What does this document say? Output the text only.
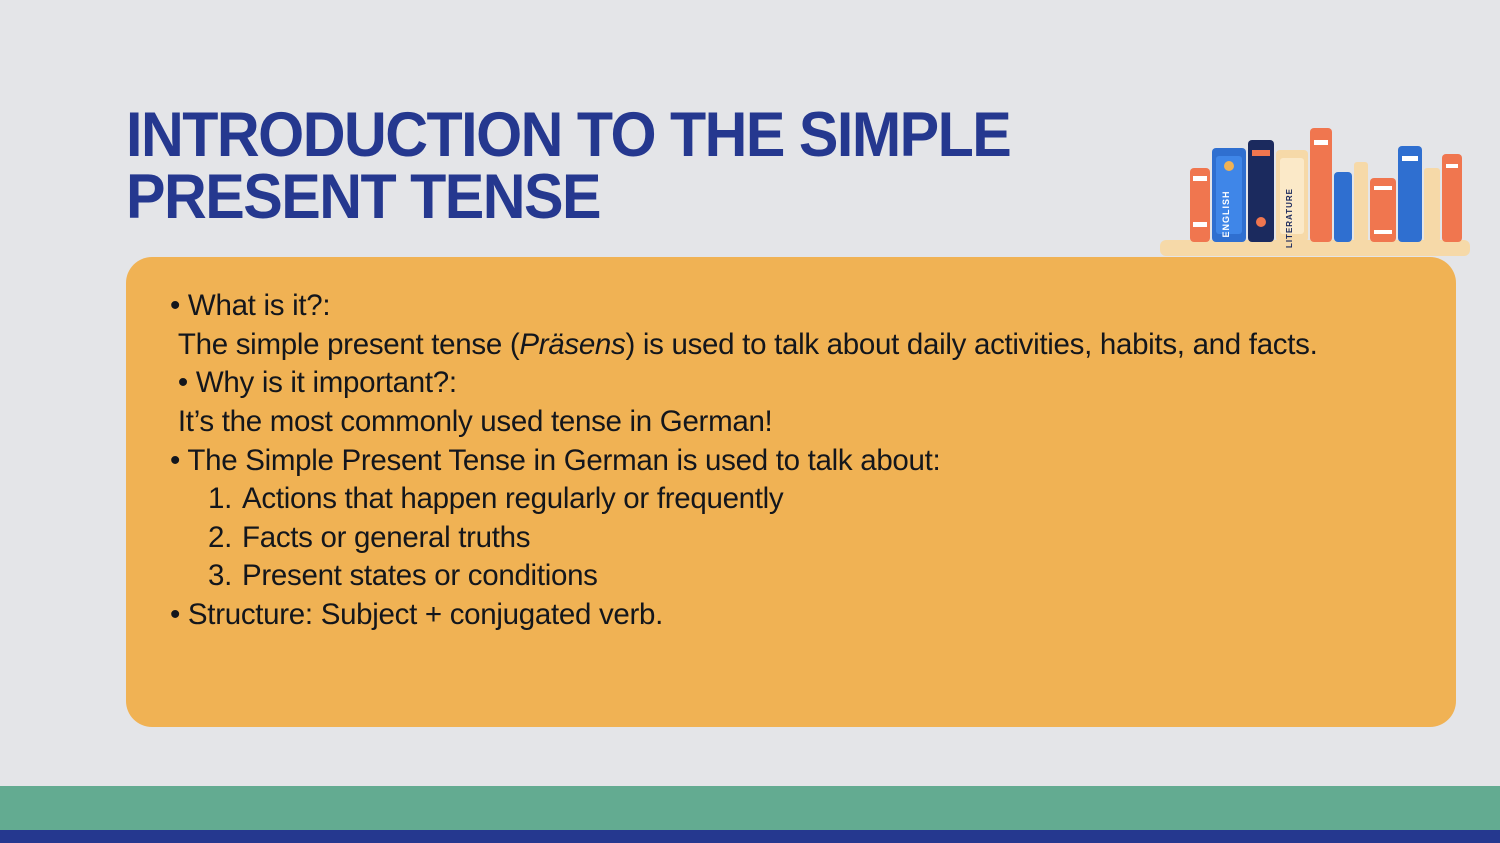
INTRODUCTION TO THE SIMPLE PRESENT TENSE	ENGLISH	LITERATURE
• What is it?:
The simple present tense (Präsens) is used to talk about daily activities, habits, and facts.
• Why is it important?:
It’s the most commonly used tense in German!
• The Simple Present Tense in German is used to talk about:
1. Actions that happen regularly or frequently
2. Facts or general truths
3. Present states or conditions
• Structure: Subject + conjugated verb.
